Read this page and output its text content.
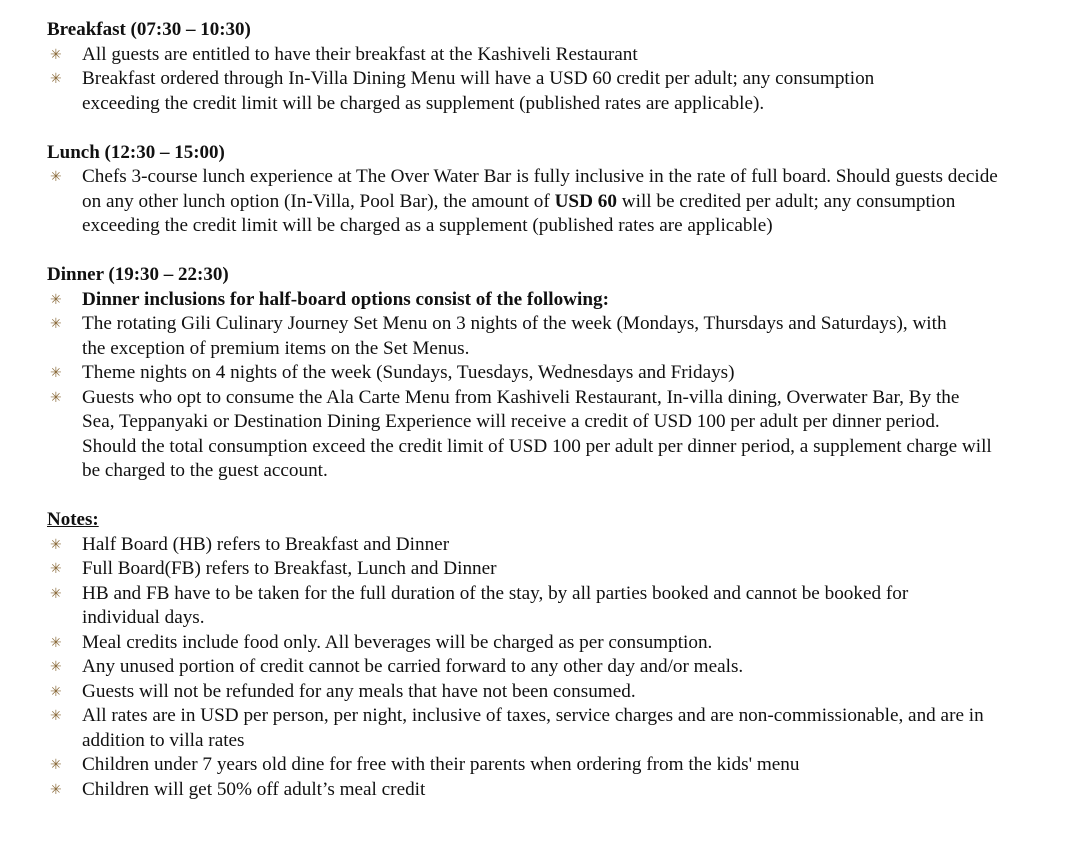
Breakfast (07:30 – 10:30)
✳	All guests are entitled to have their breakfast at the Kashiveli Restaurant
✳	Breakfast ordered through In-Villa Dining Menu will have a USD 60 credit per adult; any consumption exceeding the credit limit will be charged as supplement (published rates are applicable).
Lunch (12:30 – 15:00)
✳	Chefs 3-course lunch experience at The Over Water Bar is fully inclusive in the rate of full board. Should guests decide on any other lunch option (In-Villa, Pool Bar), the amount of USD 60 will be credited per adult; any consumption exceeding the credit limit will be charged as a supplement (published rates are applicable)
Dinner (19:30 – 22:30)
✳	Dinner inclusions for half-board options consist of the following:
✳	The rotating Gili Culinary Journey Set Menu on 3 nights of the week (Mondays, Thursdays and Saturdays), with the exception of premium items on the Set Menus.
✳	Theme nights on 4 nights of the week (Sundays, Tuesdays, Wednesdays and Fridays)
✳	Guests who opt to consume the Ala Carte Menu from Kashiveli Restaurant, In-villa dining, Overwater Bar, By the Sea, Teppanyaki or Destination Dining Experience will receive a credit of USD 100 per adult per dinner period. Should the total consumption exceed the credit limit of USD 100 per adult per dinner period, a supplement charge will be charged to the guest account.
Notes:
✳	Half Board (HB) refers to Breakfast and Dinner
✳	Full Board(FB) refers to Breakfast, Lunch and Dinner
✳	HB and FB have to be taken for the full duration of the stay, by all parties booked and cannot be booked for individual days.
✳	Meal credits include food only. All beverages will be charged as per consumption.
✳	Any unused portion of credit cannot be carried forward to any other day and/or meals.
✳	Guests will not be refunded for any meals that have not been consumed.
✳	All rates are in USD per person, per night, inclusive of taxes, service charges and are non-commissionable, and are in addition to villa rates
✳	Children under 7 years old dine for free with their parents when ordering from the kids' menu
✳	Children will get 50% off adult’s meal credit
